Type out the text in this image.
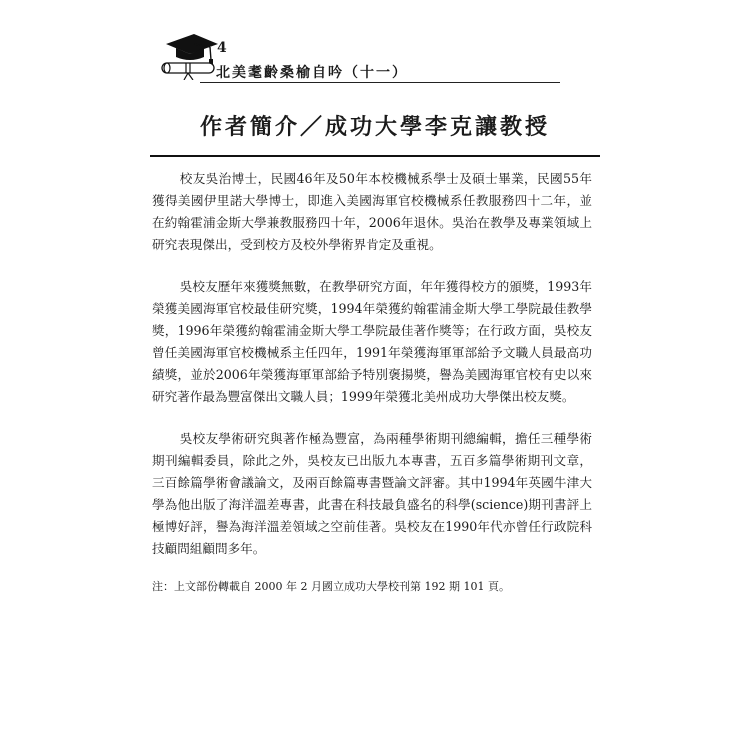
4
北美耄齡桑榆自吟（十一）
作者簡介／成功大學李克讓教授

校友吳治博士，民國46年及50年本校機械系學士及碩士畢業，民國55年獲得美國伊里諾大學博士，即進入美國海軍官校機械系任教服務四十二年，並在約翰霍浦金斯大學兼教服務四十年，2006年退休。吳治在教學及專業領域上研究表現傑出，受到校方及校外學術界肯定及重視。

吳校友歷年來獲獎無數，在教學研究方面，年年獲得校方的頒獎，1993年榮獲美國海軍官校最佳研究獎，1994年榮獲約翰霍浦金斯大學工學院最佳教學獎，1996年榮獲約翰霍浦金斯大學工學院最佳著作獎等；在行政方面，吳校友曾任美國海軍官校機械系主任四年，1991年榮獲海軍軍部給予文職人員最高功績獎，並於2006年榮獲海軍軍部給予特別褒揚獎，譽為美國海軍官校有史以來研究著作最為豐富傑出文職人員；1999年榮獲北美州成功大學傑出校友獎。

吳校友學術研究與著作極為豐富，為兩種學術期刊總編輯，擔任三種學術期刊編輯委員，除此之外，吳校友已出版九本專書，五百多篇學術期刊文章，三百餘篇學術會議論文，及兩百餘篇專書暨論文評審。其中1994年英國牛津大學為他出版了海洋溫差專書，此書在科技最負盛名的科學(science)期刊書評上極博好評，譽為海洋溫差領域之空前佳著。吳校友在1990年代亦曾任行政院科技顧問組顧問多年。

注：上文部份轉載自 2000 年 2 月國立成功大學校刊第 192 期 101 頁。
